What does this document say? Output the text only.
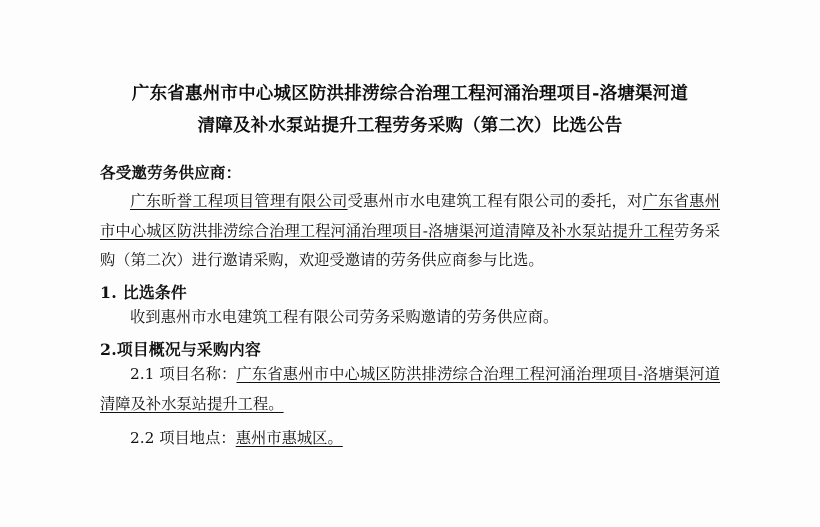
广东省惠州市中心城区防洪排涝综合治理工程河涌治理项目-洛塘渠河道
清障及补水泵站提升工程劳务采购（第二次）比选公告
各受邀劳务供应商：
广东昕誉工程项目管理有限公司受惠州市水电建筑工程有限公司的委托，对广东省惠州市中心城区防洪排涝综合治理工程河涌治理项目-洛塘渠河道清障及补水泵站提升工程劳务采购（第二次）进行邀请采购，欢迎受邀请的劳务供应商参与比选。
1. 比选条件
收到惠州市水电建筑工程有限公司劳务采购邀请的劳务供应商。
2.项目概况与采购内容
2.1 项目名称：广东省惠州市中心城区防洪排涝综合治理工程河涌治理项目-洛塘渠河道清障及补水泵站提升工程。
2.2 项目地点：惠州市惠城区。
